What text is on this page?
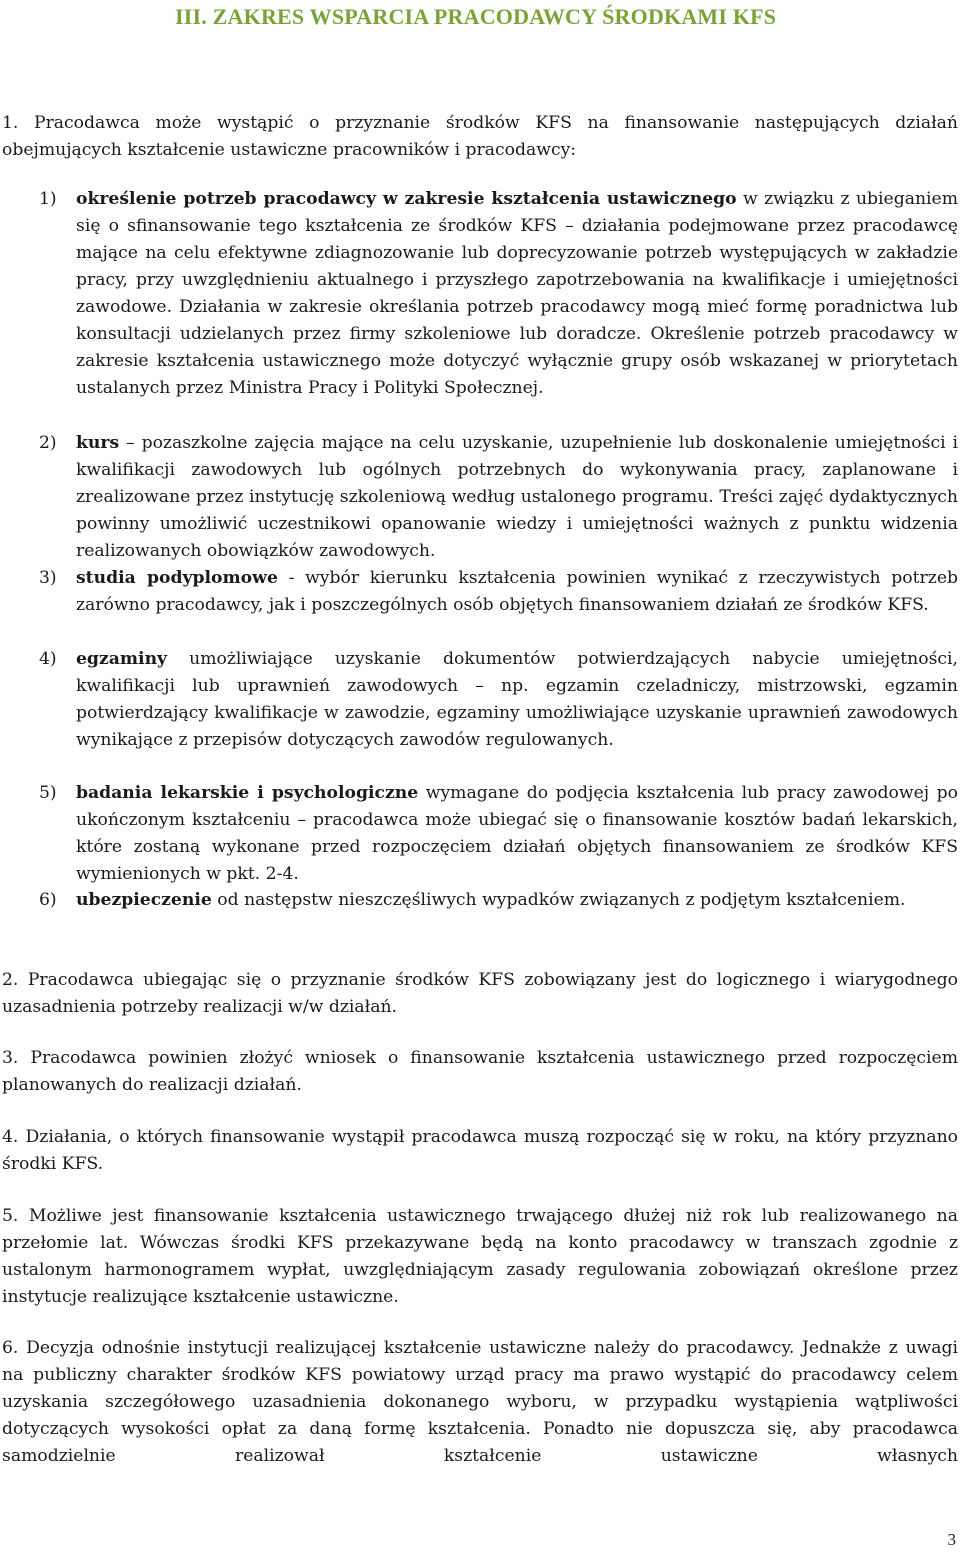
III. ZAKRES WSPARCIA PRACODAWCY ŚRODKAMI KFS

1. Pracodawca może wystąpić o przyznanie środków KFS na finansowanie następujących działań obejmujących kształcenie ustawiczne pracowników i pracodawcy:

1) określenie potrzeb pracodawcy w zakresie kształcenia ustawicznego w związku z ubieganiem się o sfinansowanie tego kształcenia ze środków KFS – działania podejmowane przez pracodawcę mające na celu efektywne zdiagnozowanie lub doprecyzowanie potrzeb występujących w zakładzie pracy, przy uwzględnieniu aktualnego i przyszłego zapotrzebowania na kwalifikacje i umiejętności zawodowe. Działania w zakresie określania potrzeb pracodawcy mogą mieć formę poradnictwa lub konsultacji udzielanych przez firmy szkoleniowe lub doradcze. Określenie potrzeb pracodawcy w zakresie kształcenia ustawicznego może dotyczyć wyłącznie grupy osób wskazanej w priorytetach ustalanych przez Ministra Pracy i Polityki Społecznej.
2) kurs – pozaszkolne zajęcia mające na celu uzyskanie, uzupełnienie lub doskonalenie umiejętności i kwalifikacji zawodowych lub ogólnych potrzebnych do wykonywania pracy, zaplanowane i zrealizowane przez instytucję szkoleniową według ustalonego programu. Treści zajęć dydaktycznych powinny umożliwić uczestnikowi opanowanie wiedzy i umiejętności ważnych z punktu widzenia realizowanych obowiązków zawodowych.
3) studia podyplomowe - wybór kierunku kształcenia powinien wynikać z rzeczywistych potrzeb zarówno pracodawcy, jak i poszczególnych osób objętych finansowaniem działań ze środków KFS.
4) egzaminy umożliwiające uzyskanie dokumentów potwierdzających nabycie umiejętności, kwalifikacji lub uprawnień zawodowych – np. egzamin czeladniczy, mistrzowski, egzamin potwierdzający kwalifikacje w zawodzie, egzaminy umożliwiające uzyskanie uprawnień zawodowych wynikające z przepisów dotyczących zawodów regulowanych.
5) badania lekarskie i psychologiczne wymagane do podjęcia kształcenia lub pracy zawodowej po ukończonym kształceniu – pracodawca może ubiegać się o finansowanie kosztów badań lekarskich, które zostaną wykonane przed rozpoczęciem działań objętych finansowaniem ze środków KFS wymienionych w pkt. 2-4.
6) ubezpieczenie od następstw nieszczęśliwych wypadków związanych z podjętym kształceniem.

2. Pracodawca ubiegając się o przyznanie środków KFS zobowiązany jest do logicznego i wiarygodnego uzasadnienia potrzeby realizacji w/w działań.

3. Pracodawca powinien złożyć wniosek o finansowanie kształcenia ustawicznego przed rozpoczęciem planowanych do realizacji działań.

4. Działania, o których finansowanie wystąpił pracodawca muszą rozpocząć się w roku, na który przyznano środki KFS.

5. Możliwe jest finansowanie kształcenia ustawicznego trwającego dłużej niż rok lub realizowanego na przełomie lat. Wówczas środki KFS przekazywane będą na konto pracodawcy w transzach zgodnie z ustalonym harmonogramem wypłat, uwzględniającym zasady regulowania zobowiązań określone przez instytucje realizujące kształcenie ustawiczne.

6. Decyzja odnośnie instytucji realizującej kształcenie ustawiczne należy do pracodawcy. Jednakże z uwagi na publiczny charakter środków KFS powiatowy urząd pracy ma prawo wystąpić do pracodawcy celem uzyskania szczegółowego uzasadnienia dokonanego wyboru, w przypadku wystąpienia wątpliwości dotyczących wysokości opłat za daną formę kształcenia. Ponadto nie dopuszcza się, aby pracodawca samodzielnie realizował kształcenie ustawiczne własnych

3
